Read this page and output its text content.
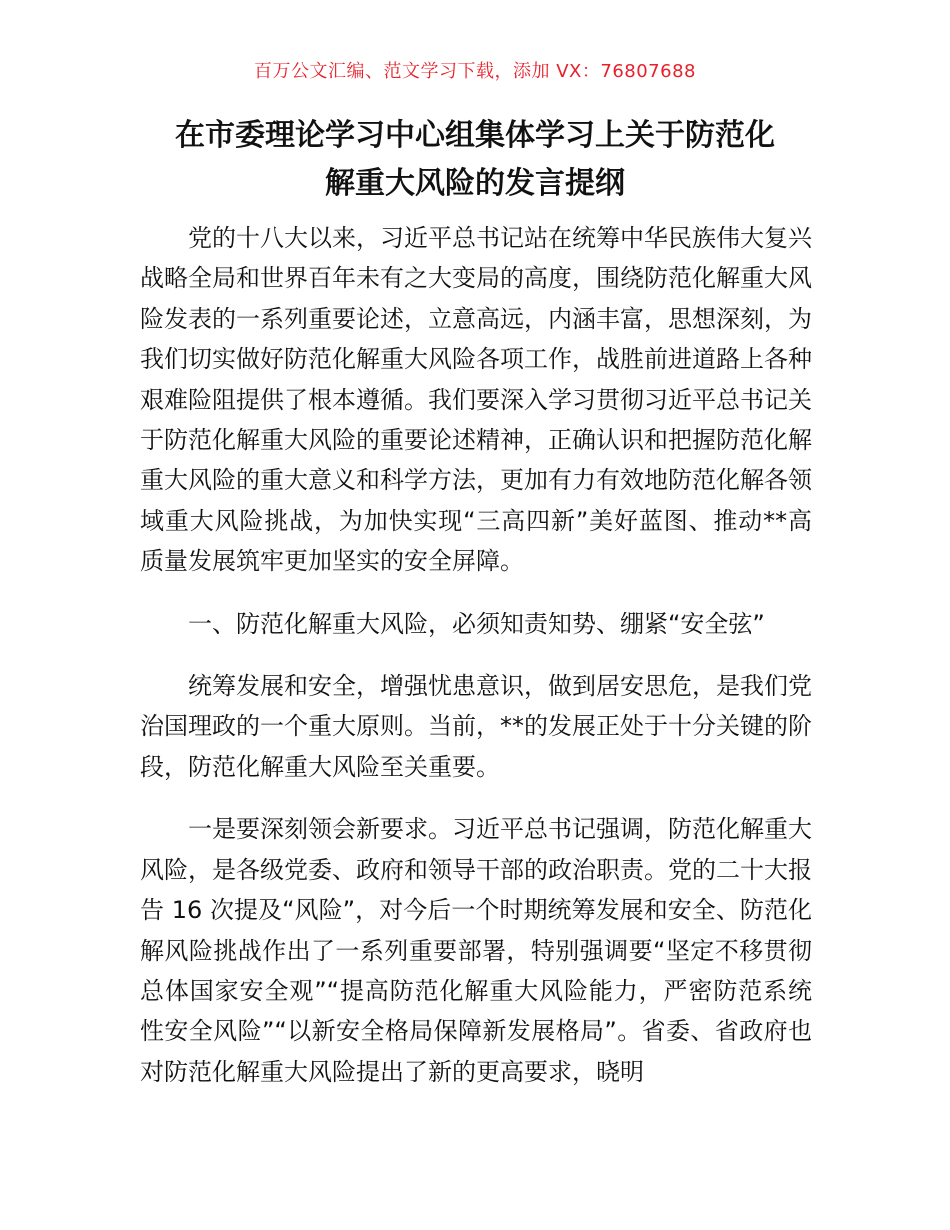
百万公文汇编、范文学习下载，添加 VX：76807688
在市委理论学习中心组集体学习上关于防范化
解重大风险的发言提纲

党的十八大以来，习近平总书记站在统筹中华民族伟大复兴战略全局和世界百年未有之大变局的高度，围绕防范化解重大风险发表的一系列重要论述，立意高远，内涵丰富，思想深刻，为我们切实做好防范化解重大风险各项工作，战胜前进道路上各种艰难险阻提供了根本遵循。我们要深入学习贯彻习近平总书记关于防范化解重大风险的重要论述精神，正确认识和把握防范化解重大风险的重大意义和科学方法，更加有力有效地防范化解各领域重大风险挑战，为加快实现“三高四新”美好蓝图、推动**高质量发展筑牢更加坚实的安全屏障。

一、防范化解重大风险，必须知责知势、绷紧“安全弦”

统筹发展和安全，增强忧患意识，做到居安思危，是我们党治国理政的一个重大原则。当前，**的发展正处于十分关键的阶段，防范化解重大风险至关重要。

一是要深刻领会新要求。习近平总书记强调，防范化解重大风险，是各级党委、政府和领导干部的政治职责。党的二十大报告 16 次提及“风险”，对今后一个时期统筹发展和安全、防范化解风险挑战作出了一系列重要部署，特别强调要“坚定不移贯彻总体国家安全观”“提高防范化解重大风险能力，严密防范系统性安全风险”“以新安全格局保障新发展格局”。省委、省政府也对防范化解重大风险提出了新的更高要求，晓明
